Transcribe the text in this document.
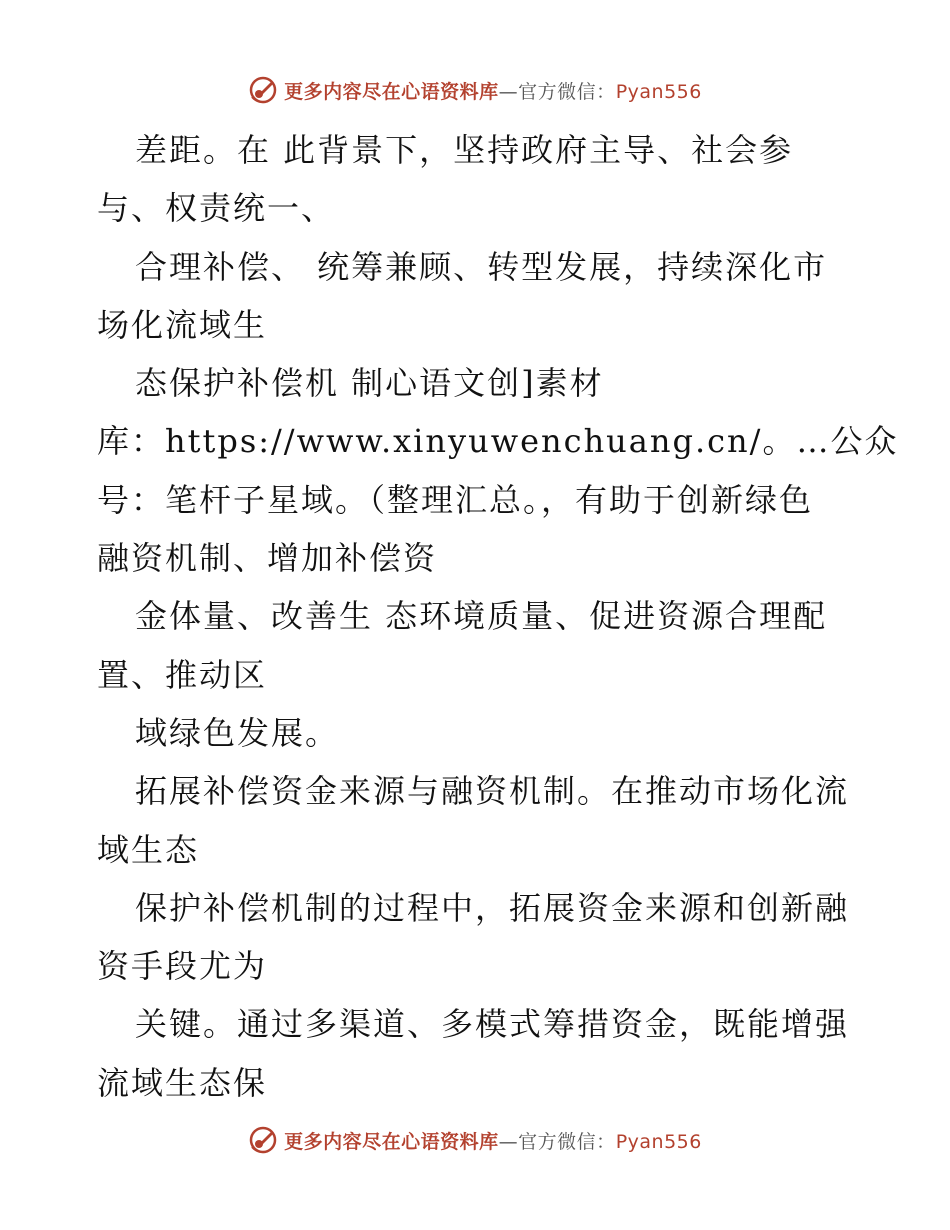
更多内容尽在心语资料库—官方微信：Pyan556
差距。在 此背景下，坚持政府主导、社会参
与、权责统一、
合理补偿、 统筹兼顾、转型发展，持续深化市
场化流域生
态保护补偿机 制心语文创]素材
库：https://www.xinyuwenchuang.cn/。…公众
号：笔杆子星域。（整理汇总。，有助于创新绿色
融资机制、增加补偿资
金体量、改善生 态环境质量、促进资源合理配
置、推动区
域绿色发展。
拓展补偿资金来源与融资机制。在推动市场化流
域生态
保护补偿机制的过程中，拓展资金来源和创新融
资手段尤为
关键。通过多渠道、多模式筹措资金，既能增强
流域生态保
更多内容尽在心语资料库—官方微信：Pyan556
